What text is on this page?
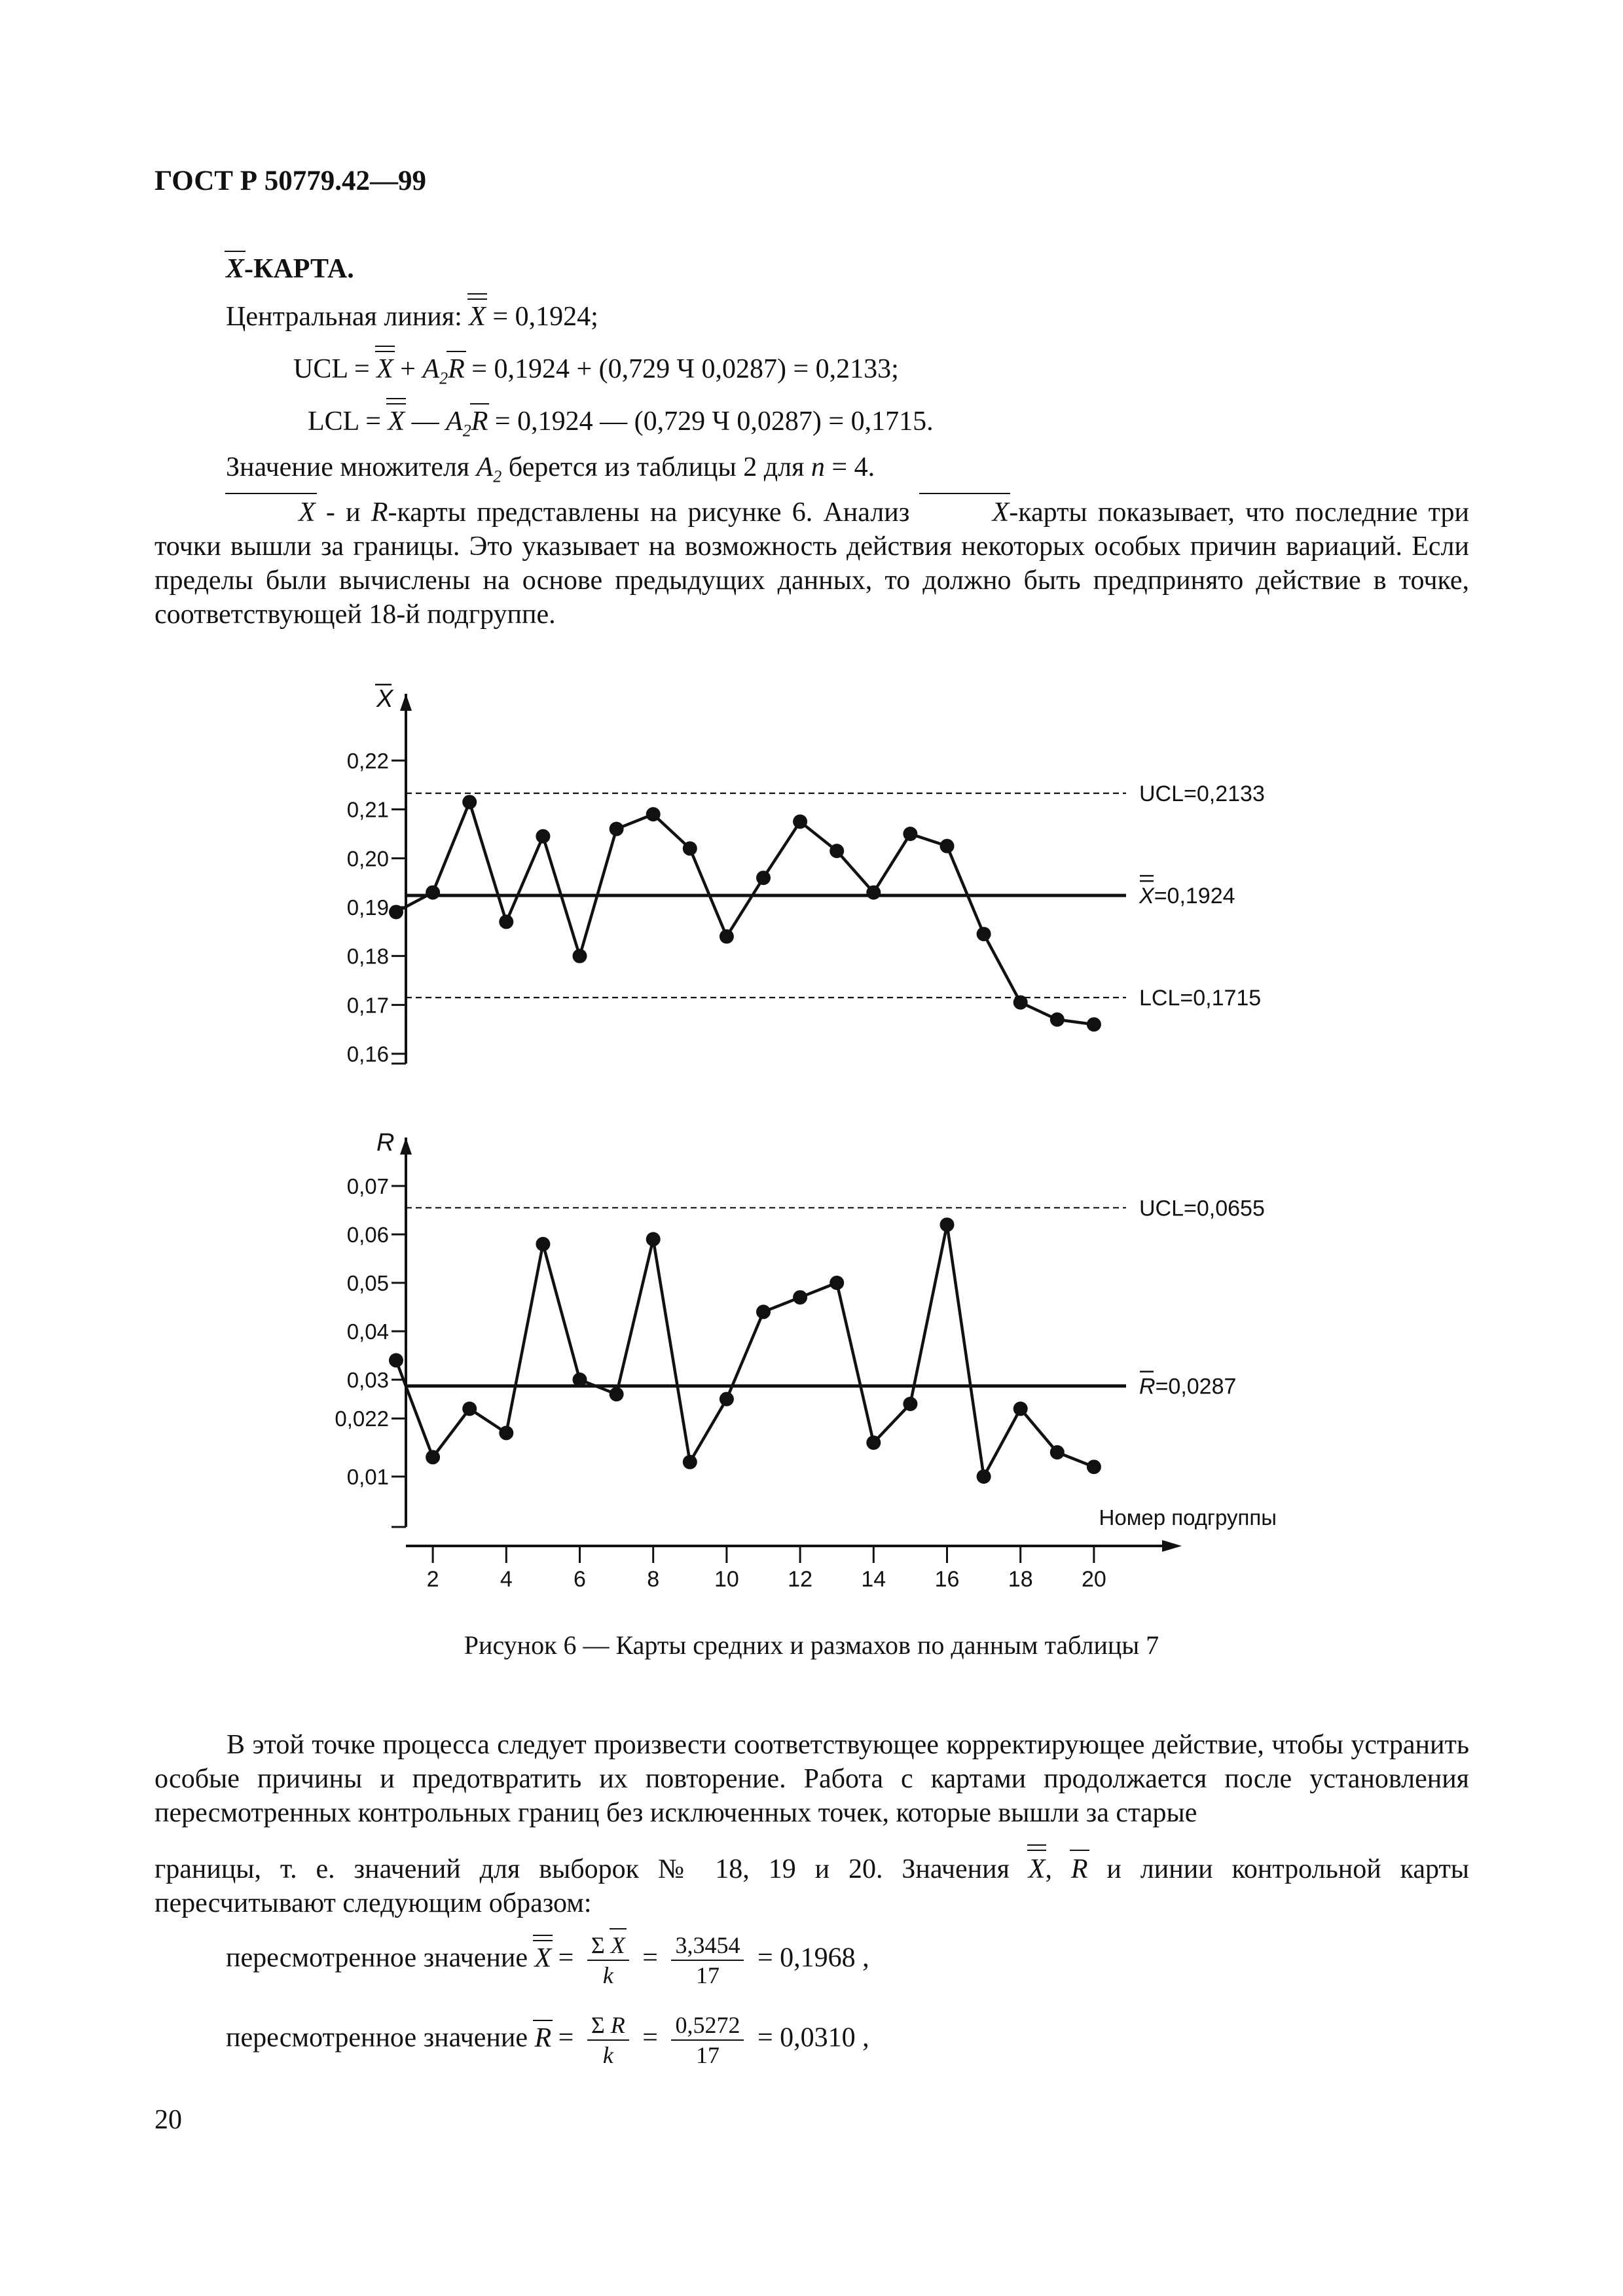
ГОСТ Р 50779.42—99
X-КАРТА.
Центральная линия: X = 0,1924;
UCL = $X + A_2R = 0,1924 + (0,729$ Ч 0,0287) = 0,2133;
LCL = X — $A_2R = 0,1924$ — (0,729 Ч 0,0287) = 0,1715.
Значение множителя $A_2$ берется из таблицы 2 для n = 4.
X - и R-карты представлены на рисунке 6. Анализ	X-карты показывает, что последние три точки вышли за границы. Это указывает на возможность действия некоторых особых причин вариаций. Если пределы были вычислены на основе предыдущих данных, то должно быть предпринято действие в точке, соответствующей 18-й подгруппе.
X
0,16
0,17
0,18
0,19
0,20
0,21
0,22
UCL=0,2133
X=0,1924
LCL=0,1715
R
0,01
0,022
0,03
0,04
0,05
0,06
0,07
UCL=0,0655
R=0,0287
2	4	6	8 10 12 14 16 18 20
Номер подгруппы
Рисунок 6 — Карты средних и размахов по данным таблицы 7
В этой точке процесса следует произвести соответствующее корректирующее действие, чтобы устранить особые причины и предотвратить их повторение. Работа с картами продолжается после установления пересмотренных контрольных границ без исключенных точек, которые вышли за старые
границы, т. е. значений для выборок № 18, 19 и 20. Значения X, R и линии контрольной карты
пересчитывают следующим образом:
пересмотренное значение $X = \frac{\text{Σ X}}{k} = \frac{3,3454}{17} = 0,1968$ ,
пересмотренное значение $R = \frac{\text{Σ R}}{k} = \frac{0,5272}{17} = 0,0310$ ,
20
